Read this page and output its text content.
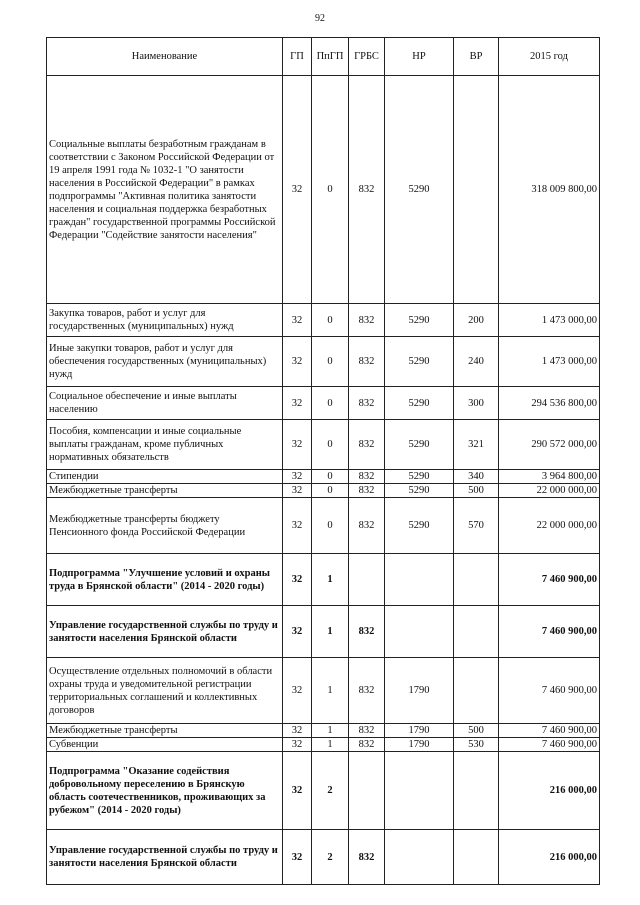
92
Наименование	ГП	ПпГП	ГРБС	НР	ВР	2015 год
Социальные выплаты безработным гражданам в соответствии с Законом Российской Федерации от 19 апреля 1991 года № 1032-1 "О занятости населения в Российской Федерации" в рамках подпрограммы "Активная политика занятости населения и социальная поддержка безработных граждан" государственной программы Российской Федерации "Содействие занятости населения"	32	0	832	5290		318 009 800,00
Закупка товаров, работ и услуг для государственных (муниципальных) нужд	32	0	832	5290	200	1 473 000,00
Иные закупки товаров, работ и услуг для обеспечения государственных (муниципальных) нужд	32	0	832	5290	240	1 473 000,00
Социальное обеспечение и иные выплаты населению	32	0	832	5290	300	294 536 800,00
Пособия, компенсации и иные социальные выплаты гражданам, кроме публичных нормативных обязательств	32	0	832	5290	321	290 572 000,00
Стипендии	32	0	832	5290	340	3 964 800,00
Межбюджетные трансферты	32	0	832	5290	500	22 000 000,00
Межбюджетные трансферты бюджету Пенсионного фонда Российской Федерации	32	0	832	5290	570	22 000 000,00
Подпрограмма "Улучшение условий и охраны труда в Брянской области" (2014 - 2020 годы)	32	1				7 460 900,00
Управление государственной службы по труду и занятости населения Брянской области	32	1	832			7 460 900,00
Осуществление отдельных полномочий в области охраны труда и уведомительной регистрации территориальных соглашений и коллективных договоров	32	1	832	1790		7 460 900,00
Межбюджетные трансферты	32	1	832	1790	500	7 460 900,00
Субвенции	32	1	832	1790	530	7 460 900,00
Подпрограмма "Оказание содействия добровольному переселению в Брянскую область соотечественников, проживающих за рубежом" (2014 - 2020 годы)	32	2				216 000,00
Управление государственной службы по труду и занятости населения Брянской области	32	2	832			216 000,00
